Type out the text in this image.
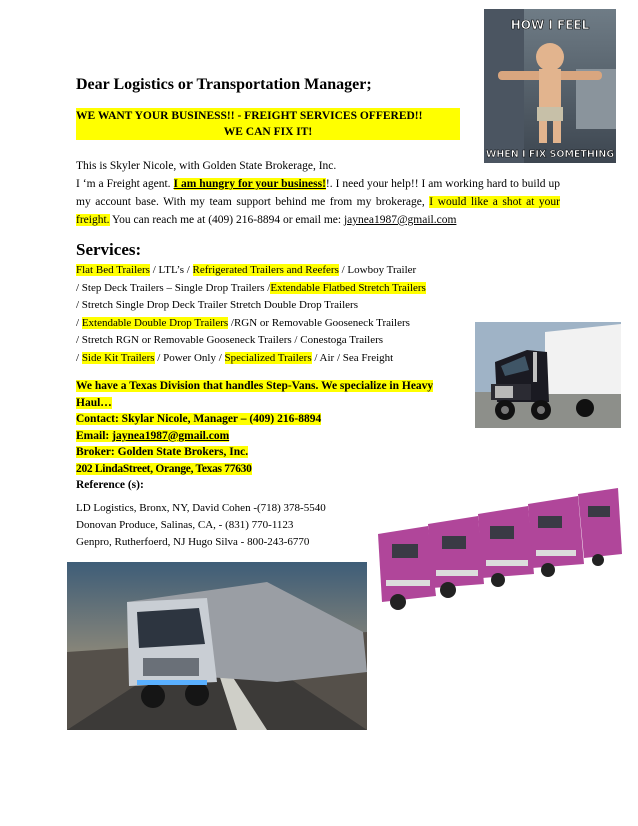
HOW I FEEL
WHEN I FIX SOMETHING
Dear Logistics or Transportation Manager;
WE WANT YOUR BUSINESS!! - FREIGHT SERVICES OFFERED!!
WE CAN FIX IT!
This is Skyler Nicole, with Golden State Brokerage, Inc.
I ‘m a Freight agent. I am hungry for your business!!. I need your help!! I am working hard to build up my account base. With my team support behind me from my brokerage, I would like a shot at your freight. You can reach me at (409) 216-8894 or email me: jaynea1987@gmail.com
Services:
Flat Bed Trailers / LTL’s / Refrigerated Trailers and Reefers / Lowboy Trailer
/ Step Deck Trailers – Single Drop Trailers /Extendable Flatbed Stretch Trailers
/ Stretch Single Drop Deck Trailer Stretch Double Drop Trailers
/ Extendable Double Drop Trailers /RGN or Removable Gooseneck Trailers
/ Stretch RGN or Removable Gooseneck Trailers / Conestoga Trailers
/ Side Kit Trailers / Power Only / Specialized Trailers / Air / Sea Freight
We have a Texas Division that handles Step-Vans. We specialize in Heavy Haul…
Contact: Skylar Nicole, Manager – (409) 216-8894
Email: jaynea1987@gmail.com
Broker: Golden State Brokers, Inc.
202 LindaStreet, Orange, Texas 77630
Reference (s):
LD Logistics, Bronx, NY, David Cohen -(718) 378-5540
Donovan Produce, Salinas, CA, - (831) 770-1123
Genpro, Rutherfoerd, NJ Hugo Silva - 800-243-6770
